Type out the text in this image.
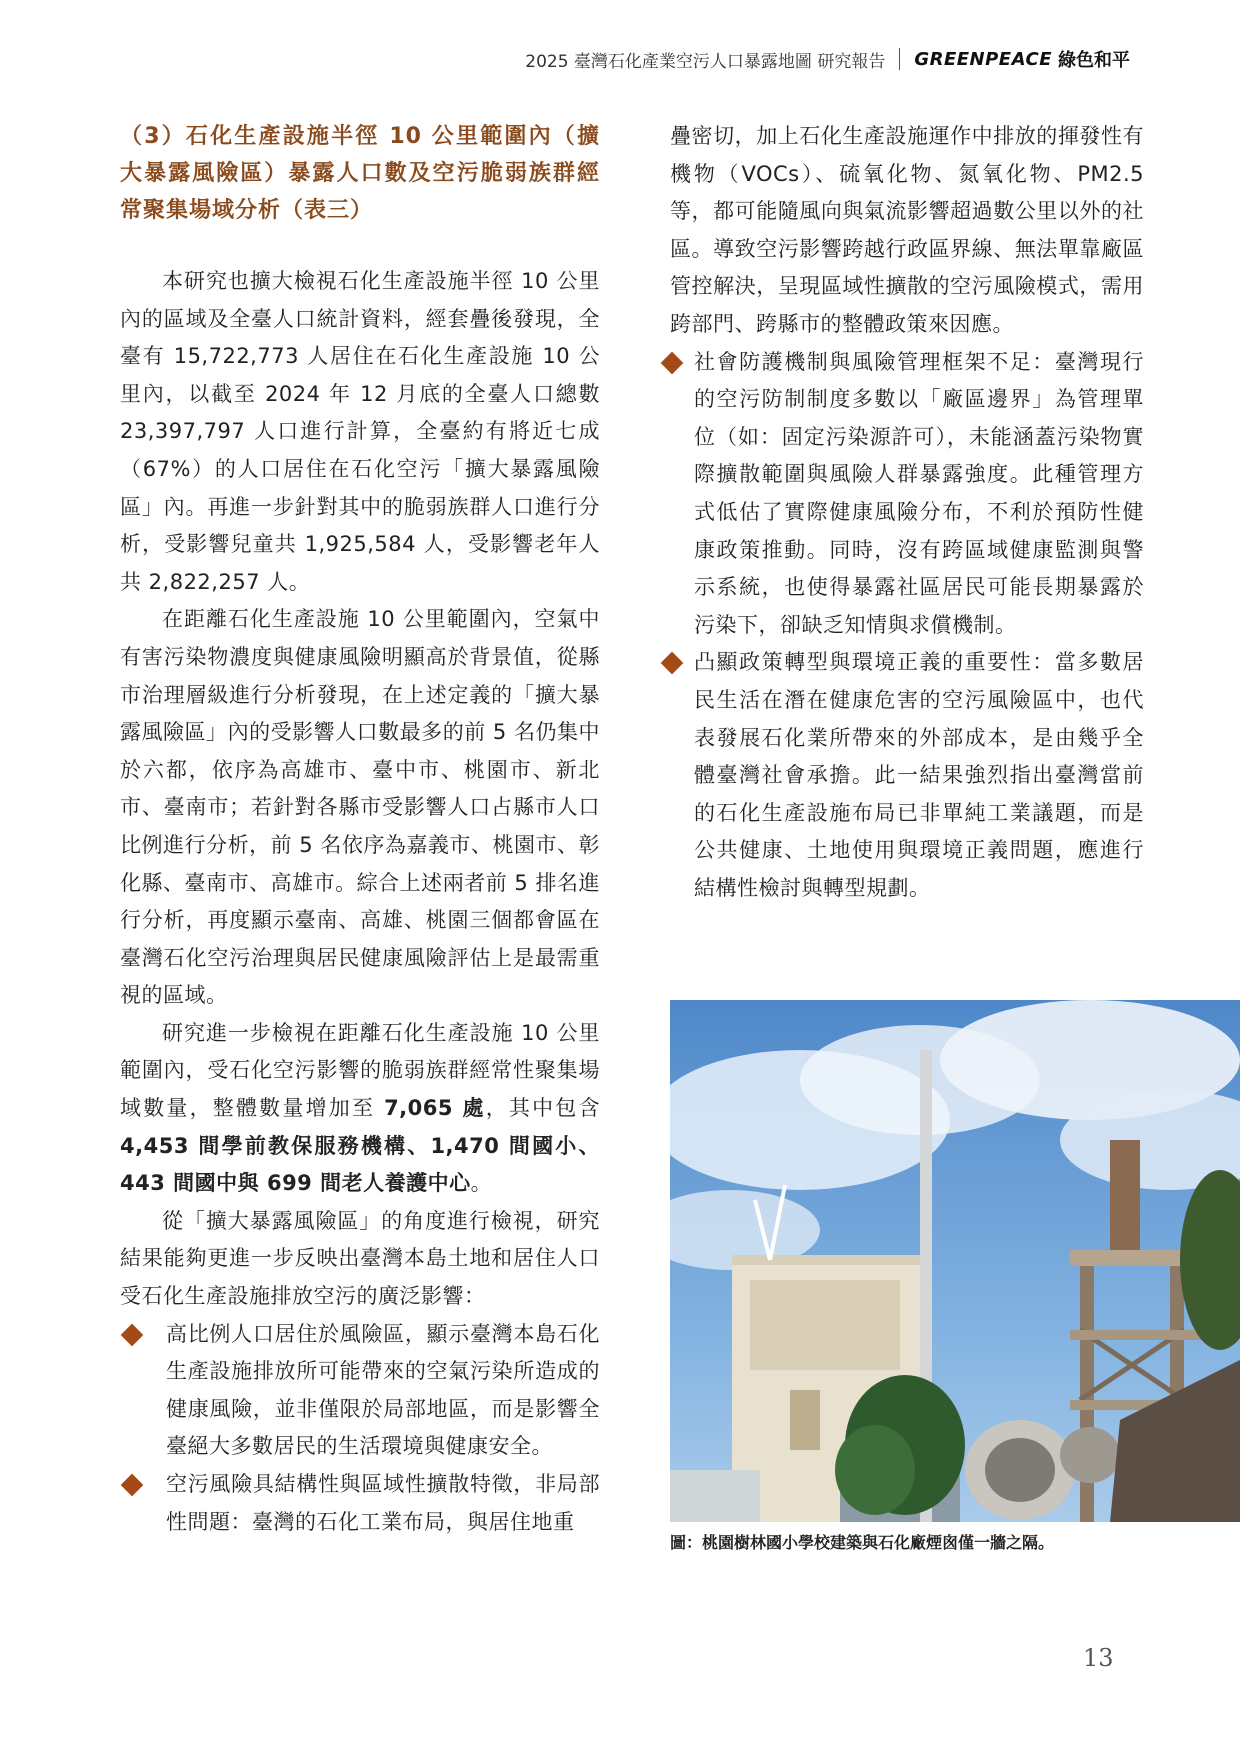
2025 臺灣石化產業空污人口暴露地圖 研究報告 GREENPEACE 綠色和平
（3）石化生產設施半徑 10 公里範圍內（擴大暴露風險區）暴露人口數及空污脆弱族群經常聚集場域分析（表三）

本研究也擴大檢視石化生產設施半徑 10 公里內的區域及全臺人口統計資料，經套疊後發現，全臺有 15,722,773 人居住在石化生產設施 10 公里內，以截至 2024 年 12 月底的全臺人口總數 23,397,797 人口進行計算，全臺約有將近七成（67%）的人口居住在石化空污「擴大暴露風險區」內。再進一步針對其中的脆弱族群人口進行分析，受影響兒童共 1,925,584 人，受影響老年人共 2,822,257 人。

在距離石化生產設施 10 公里範圍內，空氣中有害污染物濃度與健康風險明顯高於背景值，從縣市治理層級進行分析發現，在上述定義的「擴大暴露風險區」內的受影響人口數最多的前 5 名仍集中於六都，依序為高雄市、臺中市、桃園市、新北市、臺南市；若針對各縣市受影響人口占縣市人口比例進行分析，前 5 名依序為嘉義市、桃園市、彰化縣、臺南市、高雄市。綜合上述兩者前 5 排名進行分析，再度顯示臺南、高雄、桃園三個都會區在臺灣石化空污治理與居民健康風險評估上是最需重視的區域。

研究進一步檢視在距離石化生產設施 10 公里範圍內，受石化空污影響的脆弱族群經常性聚集場域數量，整體數量增加至 7,065 處，其中包含 4,453 間學前教保服務機構、1,470 間國小、443 間國中與 699 間老人養護中心。

從「擴大暴露風險區」的角度進行檢視，研究結果能夠更進一步反映出臺灣本島土地和居住人口受石化生產設施排放空污的廣泛影響：

高比例人口居住於風險區，顯示臺灣本島石化生產設施排放所可能帶來的空氣污染所造成的健康風險，並非僅限於局部地區，而是影響全臺絕大多數居民的生活環境與健康安全。
空污風險具結構性與區域性擴散特徵，非局部性問題：臺灣的石化工業布局，與居住地重

疊密切，加上石化生產設施運作中排放的揮發性有機物（VOCs）、硫氧化物、氮氧化物、PM2.5 等，都可能隨風向與氣流影響超過數公里以外的社區。導致空污影響跨越行政區界線、無法單靠廠區管控解決，呈現區域性擴散的空污風險模式，需用跨部門、跨縣市的整體政策來因應。

社會防護機制與風險管理框架不足：臺灣現行的空污防制制度多數以「廠區邊界」為管理單位（如：固定污染源許可），未能涵蓋污染物實際擴散範圍與風險人群暴露強度。此種管理方式低估了實際健康風險分布，不利於預防性健康政策推動。同時，沒有跨區域健康監測與警示系統，也使得暴露社區居民可能長期暴露於污染下，卻缺乏知情與求償機制。
凸顯政策轉型與環境正義的重要性：當多數居民生活在潛在健康危害的空污風險區中，也代表發展石化業所帶來的外部成本，是由幾乎全體臺灣社會承擔。此一結果強烈指出臺灣當前的石化生產設施布局已非單純工業議題，而是公共健康、土地使用與環境正義問題，應進行結構性檢討與轉型規劃。
圖：桃園樹林國小學校建築與石化廠煙囪僅一牆之隔。
13
